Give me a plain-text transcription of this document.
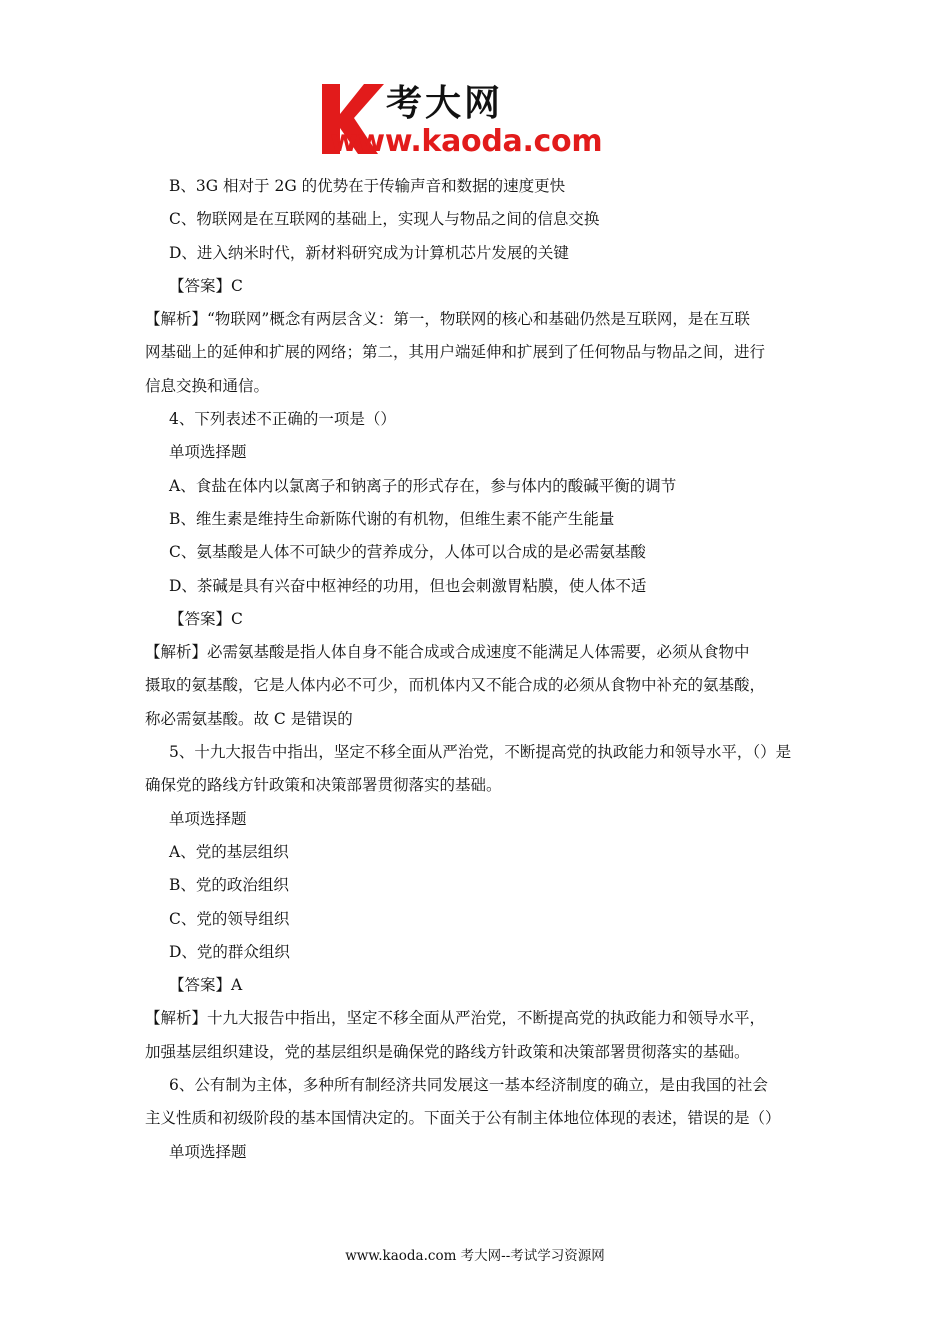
考大网
www.kaoda.com
B、3G 相对于 2G 的优势在于传输声音和数据的速度更快
C、物联网是在互联网的基础上，实现人与物品之间的信息交换
D、进入纳米时代，新材料研究成为计算机芯片发展的关键
【答案】C
【解析】“物联网”概念有两层含义：第一，物联网的核心和基础仍然是互联网，是在互联
网基础上的延伸和扩展的网络；第二，其用户端延伸和扩展到了任何物品与物品之间，进行
信息交换和通信。
4、下列表述不正确的一项是（）
单项选择题
A、食盐在体内以氯离子和钠离子的形式存在，参与体内的酸碱平衡的调节
B、维生素是维持生命新陈代谢的有机物，但维生素不能产生能量
C、氨基酸是人体不可缺少的营养成分，人体可以合成的是必需氨基酸
D、茶碱是具有兴奋中枢神经的功用，但也会刺激胃粘膜，使人体不适
【答案】C
【解析】必需氨基酸是指人体自身不能合成或合成速度不能满足人体需要，必须从食物中
摄取的氨基酸，它是人体内必不可少，而机体内又不能合成的必须从食物中补充的氨基酸，
称必需氨基酸。故 C 是错误的
5、十九大报告中指出，坚定不移全面从严治党，不断提高党的执政能力和领导水平，（）是
确保党的路线方针政策和决策部署贯彻落实的基础。
单项选择题
A、党的基层组织
B、党的政治组织
C、党的领导组织
D、党的群众组织
【答案】A
【解析】十九大报告中指出，坚定不移全面从严治党，不断提高党的执政能力和领导水平，
加强基层组织建设，党的基层组织是确保党的路线方针政策和决策部署贯彻落实的基础。
6、公有制为主体，多种所有制经济共同发展这一基本经济制度的确立，是由我国的社会
主义性质和初级阶段的基本国情决定的。下面关于公有制主体地位体现的表述，错误的是（）
单项选择题
www.kaoda.com 考大网--考试学习资源网
